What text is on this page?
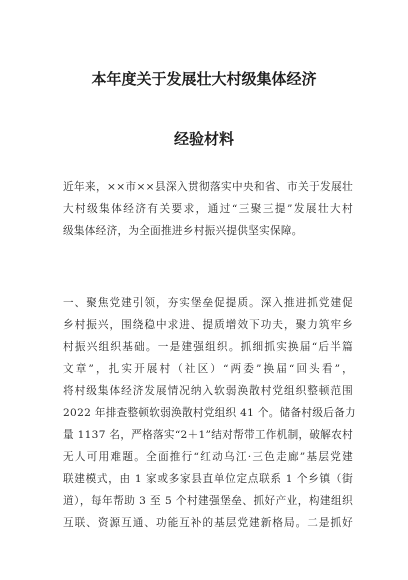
本年度关于发展壮大村级集体经济
经验材料
近年来，××市××县深入贯彻落实中央和省、市关于发展壮
大村级集体经济有关要求，通过“三聚三提”发展壮大村
级集体经济，为全面推进乡村振兴提供坚实保障。
一、聚焦党建引领，夯实堡垒促提质。深入推进抓党建促
乡村振兴，围绕稳中求进、提质增效下功夫，聚力筑牢乡
村振兴组织基础。一是建强组织。抓细抓实换届“后半篇
文章”，扎实开展村（社区）“两委”换届“回头看”，
将村级集体经济发展情况纳入软弱涣散村党组织整顿范围
2022 年排查整顿软弱涣散村党组织 41 个。储备村级后备力
量 1137 名，严格落实“2＋1”结对帮带工作机制，破解农村
无人可用难题。全面推行“红动乌江·三色走廊”基层党建
联建模式，由 1 家或多家县直单位定点联系 1 个乡镇（街
道），每年帮助 3 至 5 个村建强堡垒、抓好产业，构建组织
互联、资源互通、功能互补的基层党建新格局。二是抓好
